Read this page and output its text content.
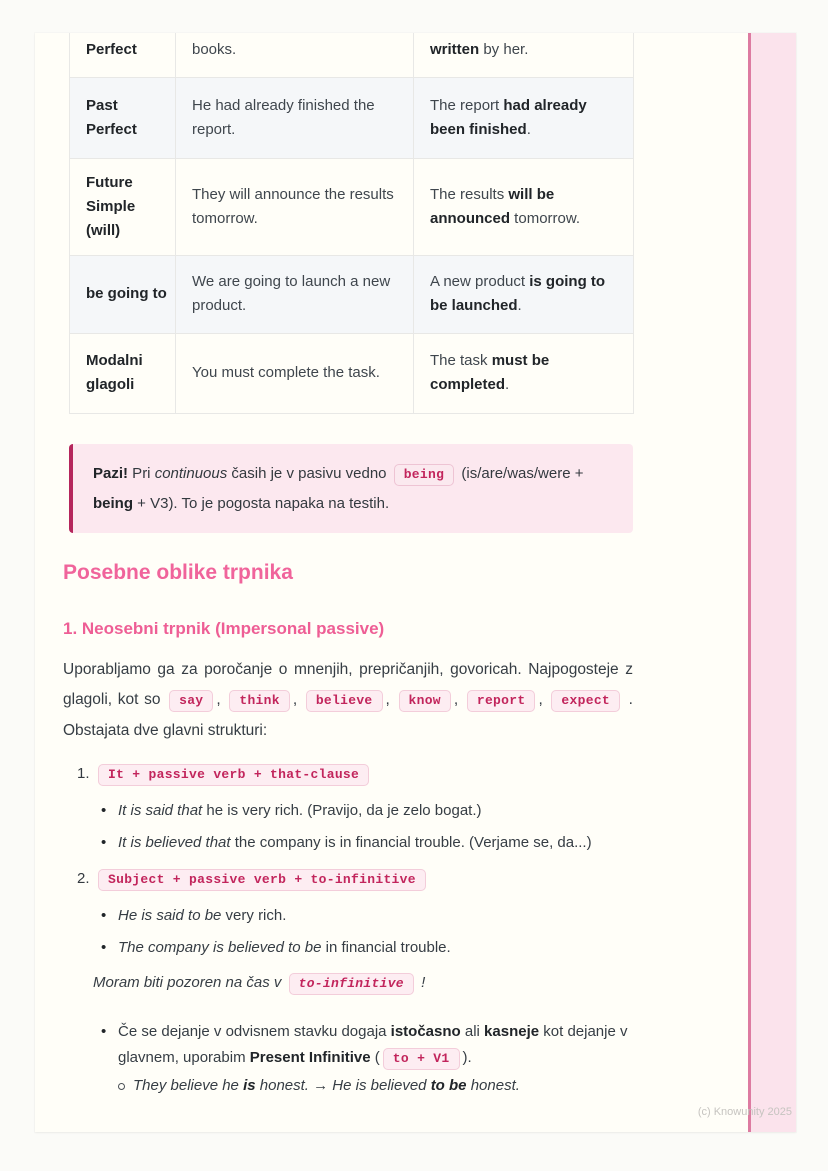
Perfect	books.	written by her.
Past Perfect	He had already finished the report.	The report had already been finished.
Future Simple (will)	They will announce the results tomorrow.	The results will be announced tomorrow.
be going to	We are going to launch a new product.	A new product is going to be launched.
Modalni glagoli	You must complete the task.	The task must be completed.
Pazi! Pri continuous časih je v pasivu vedno being (is/are/was/were + being + V3). To je pogosta napaka na testih.
Posebne oblike trpnika
1. Neosebni trpnik (Impersonal passive)

Uporabljamo ga za poročanje o mnenjih, prepričanjih, govoricah. Najpogosteje z glagoli, kot so say , think , believe , know , report , expect . Obstajata dve glavni strukturi:

1.	It + passive verb + that-clause
• It is said that he is very rich. (Pravijo, da je zelo bogat.)
• It is believed that the company is in financial trouble. (Verjame se, da...)
2.	Subject + passive verb + to-infinitive
• He is said to be very rich.
• The company is believed to be in financial trouble.
Moram biti pozoren na čas v to-infinitive !
• Če se dejanje v odvisnem stavku dogaja istočasno ali kasneje kot dejanje v glavnem, uporabim Present Infinitive ( to + V1 ).
They believe he is honest. → He is believed to be honest.
(c) Knowunity 2025
